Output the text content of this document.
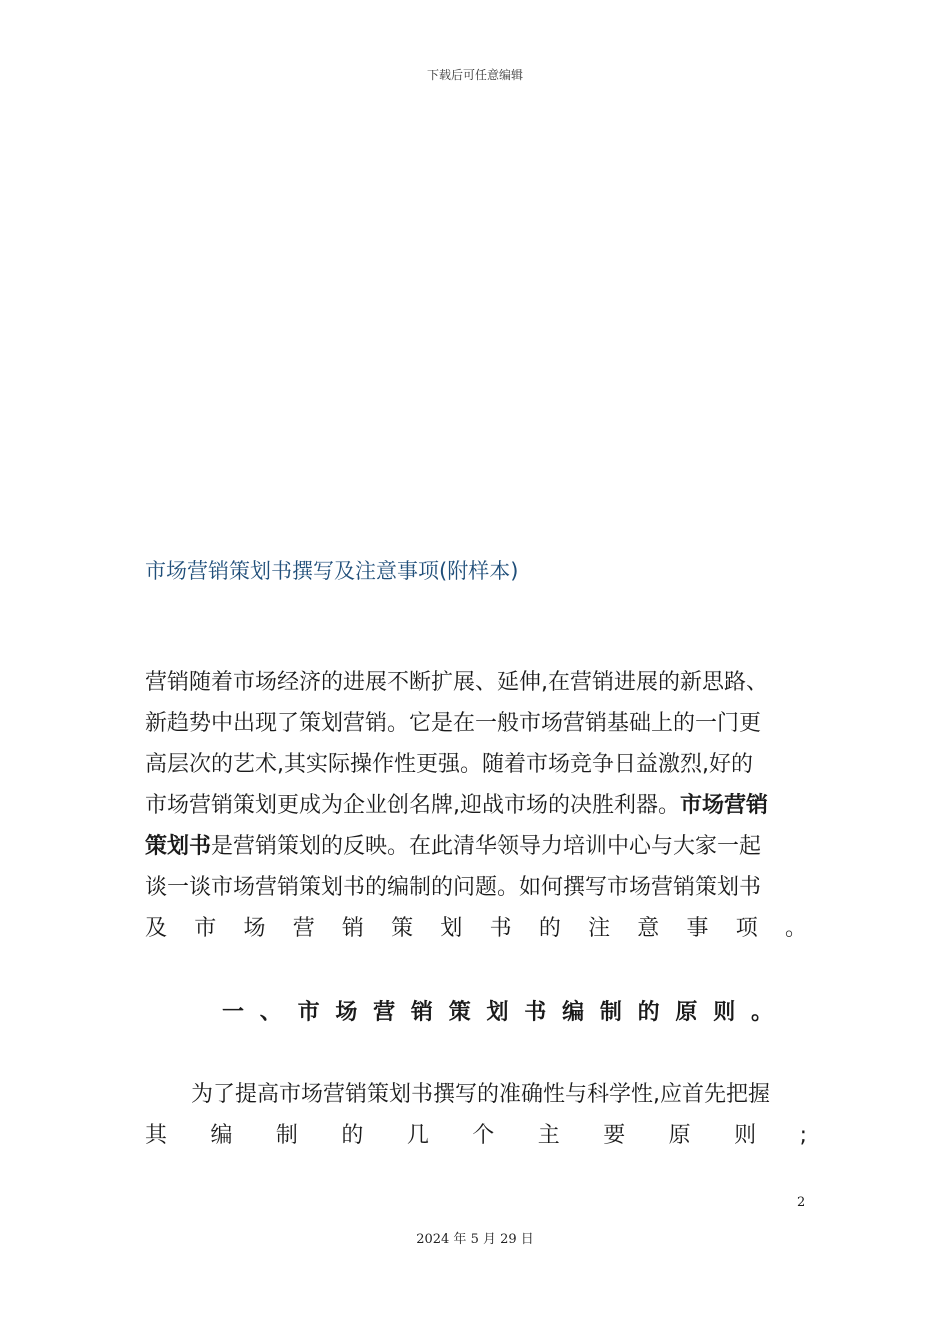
下载后可任意编辑
市场营销策划书撰写及注意事项(附样本)
营销随着市场经济的进展不断扩展、延伸,在营销进展的新思路、
新趋势中出现了策划营销。它是在一般市场营销基础上的一门更
高层次的艺术,其实际操作性更强。随着市场竞争日益激烈,好的
市场营销策划更成为企业创名牌,迎战市场的决胜利器。市场营销
策划书是营销策划的反映。在此清华领导力培训中心与大家一起
谈一谈市场营销策划书的编制的问题。如何撰写市场营销策划书
及 市 场 营 销 策 划 书 的 注 意 事 项 。
一 、 市 场 营 销 策 划 书 编 制 的 原 则 。
为了提高市场营销策划书撰写的准确性与科学性,应首先把握
其 编 制 的 几 个 主 要 原 则 ;
2
2024 年 5 月 29 日
